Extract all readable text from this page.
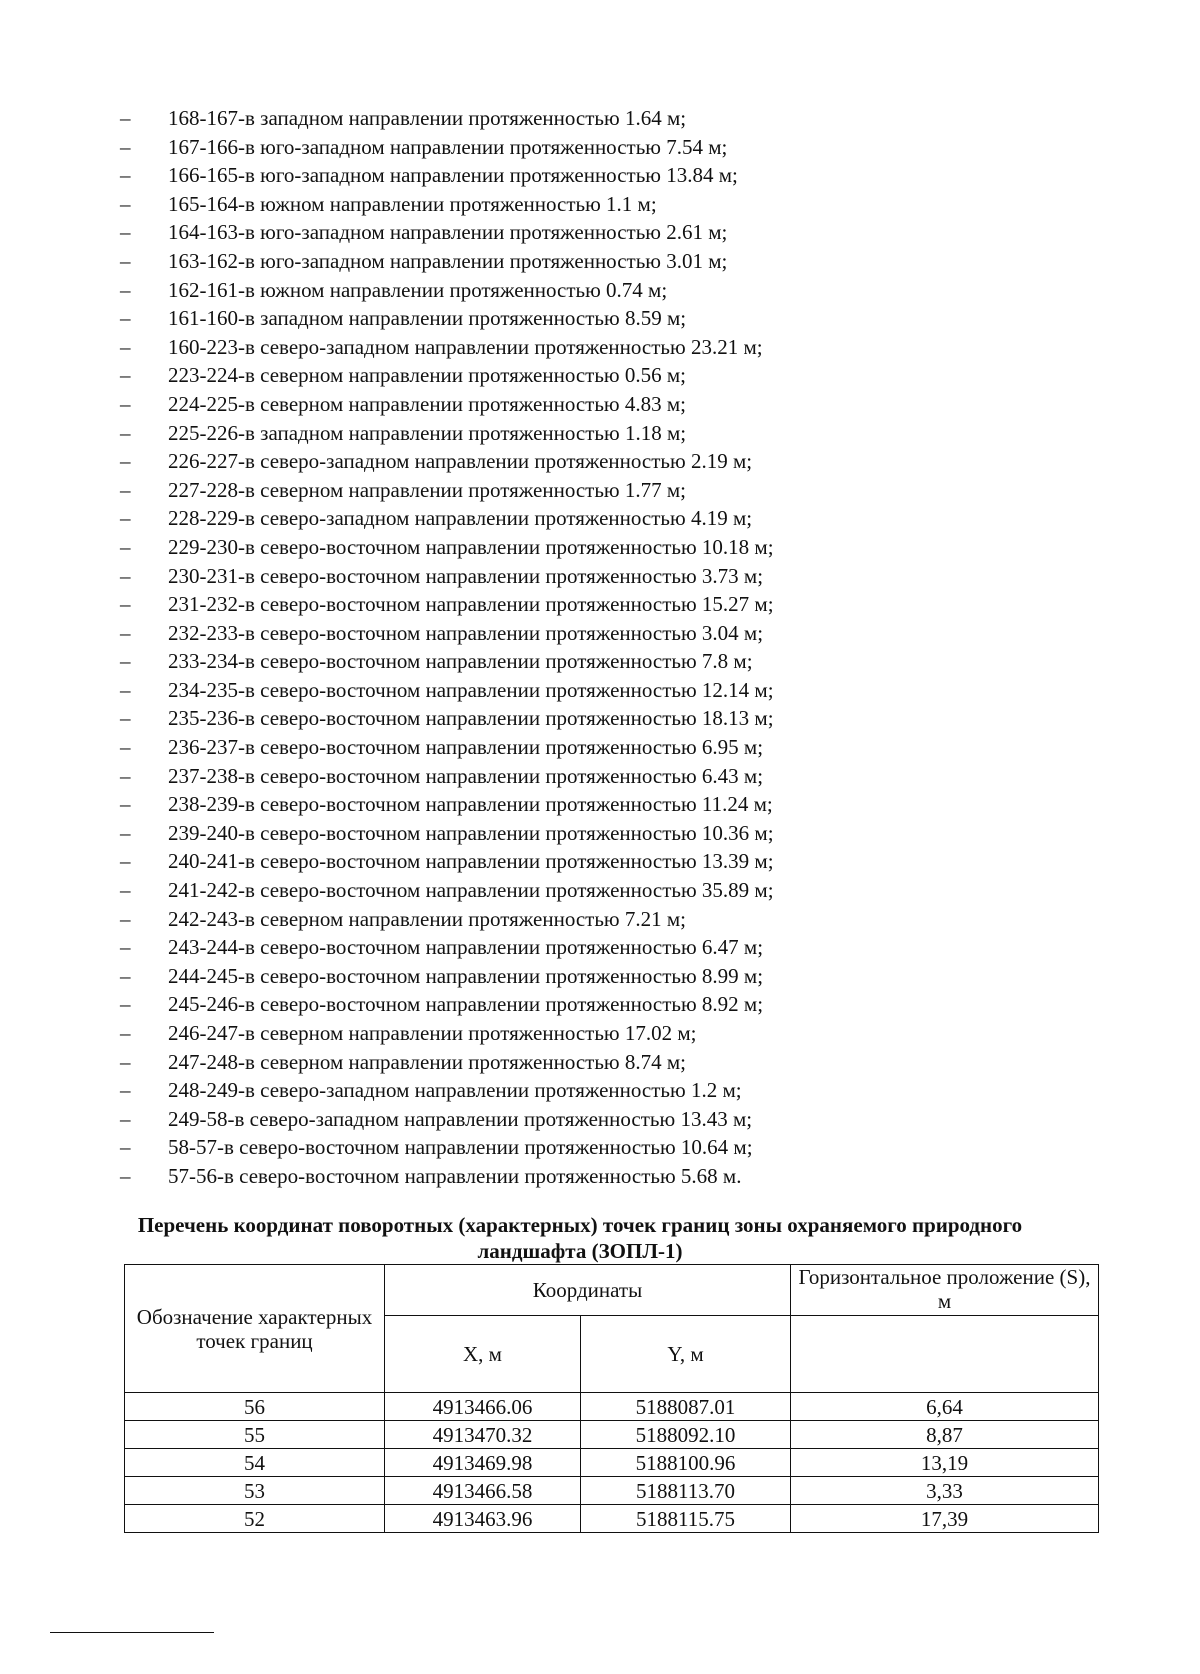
–	168-167-в западном направлении протяженностью 1.64 м;
–	167-166-в юго-западном направлении протяженностью 7.54 м;
–	166-165-в юго-западном направлении протяженностью 13.84 м;
–	165-164-в южном направлении протяженностью 1.1 м;
–	164-163-в юго-западном направлении протяженностью 2.61 м;
–	163-162-в юго-западном направлении протяженностью 3.01 м;
–	162-161-в южном направлении протяженностью 0.74 м;
–	161-160-в западном направлении протяженностью 8.59 м;
–	160-223-в северо-западном направлении протяженностью 23.21 м;
–	223-224-в северном направлении протяженностью 0.56 м;
–	224-225-в северном направлении протяженностью 4.83 м;
–	225-226-в западном направлении протяженностью 1.18 м;
–	226-227-в северо-западном направлении протяженностью 2.19 м;
–	227-228-в северном направлении протяженностью 1.77 м;
–	228-229-в северо-западном направлении протяженностью 4.19 м;
–	229-230-в северо-восточном направлении протяженностью 10.18 м;
–	230-231-в северо-восточном направлении протяженностью 3.73 м;
–	231-232-в северо-восточном направлении протяженностью 15.27 м;
–	232-233-в северо-восточном направлении протяженностью 3.04 м;
–	233-234-в северо-восточном направлении протяженностью 7.8 м;
–	234-235-в северо-восточном направлении протяженностью 12.14 м;
–	235-236-в северо-восточном направлении протяженностью 18.13 м;
–	236-237-в северо-восточном направлении протяженностью 6.95 м;
–	237-238-в северо-восточном направлении протяженностью 6.43 м;
–	238-239-в северо-восточном направлении протяженностью 11.24 м;
–	239-240-в северо-восточном направлении протяженностью 10.36 м;
–	240-241-в северо-восточном направлении протяженностью 13.39 м;
–	241-242-в северо-восточном направлении протяженностью 35.89 м;
–	242-243-в северном направлении протяженностью 7.21 м;
–	243-244-в северо-восточном направлении протяженностью 6.47 м;
–	244-245-в северо-восточном направлении протяженностью 8.99 м;
–	245-246-в северо-восточном направлении протяженностью 8.92 м;
–	246-247-в северном направлении протяженностью 17.02 м;
–	247-248-в северном направлении протяженностью 8.74 м;
–	248-249-в северо-западном направлении протяженностью 1.2 м;
–	249-58-в северо-западном направлении протяженностью 13.43 м;
–	58-57-в северо-восточном направлении протяженностью 10.64 м;
–	57-56-в северо-восточном направлении протяженностью 5.68 м.
Перечень координат поворотных (характерных) точек границ зоны охраняемого природного ландшафта (ЗОПЛ-1)
Обозначение характерных точек границ	Координаты		Горизонтальное проложение (S), м
	X, м	Y, м	
56	4913466.06	5188087.01	6,64
55	4913470.32	5188092.10	8,87
54	4913469.98	5188100.96	13,19
53	4913466.58	5188113.70	3,33
52	4913463.96	5188115.75	17,39
